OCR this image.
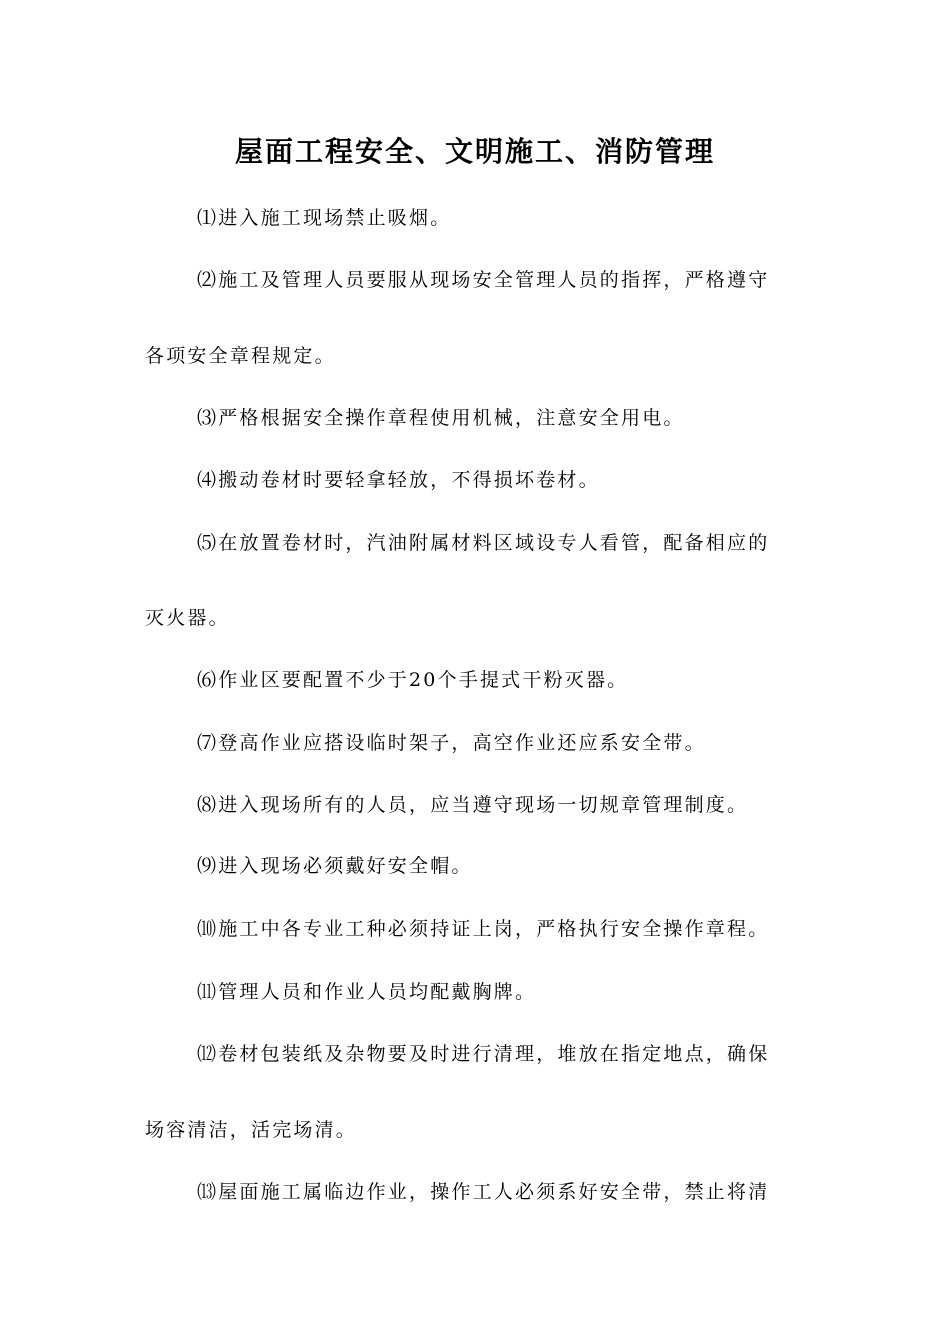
屋面工程安全、文明施工、消防管理
⑴进入施工现场禁止吸烟。
⑵施工及管理人员要服从现场安全管理人员的指挥，严格遵守
各项安全章程规定。
⑶严格根据安全操作章程使用机械，注意安全用电。
⑷搬动卷材时要轻拿轻放，不得损坏卷材。
⑸在放置卷材时，汽油附属材料区域设专人看管，配备相应的
灭火器。
⑹作业区要配置不少于20个手提式干粉灭器。
⑺登高作业应搭设临时架子，高空作业还应系安全带。
⑻进入现场所有的人员，应当遵守现场一切规章管理制度。
⑼进入现场必须戴好安全帽。
⑽施工中各专业工种必须持证上岗，严格执行安全操作章程。
⑾管理人员和作业人员均配戴胸牌。
⑿卷材包装纸及杂物要及时进行清理，堆放在指定地点，确保
场容清洁，活完场清。
⒀屋面施工属临边作业，操作工人必须系好安全带，禁止将清
